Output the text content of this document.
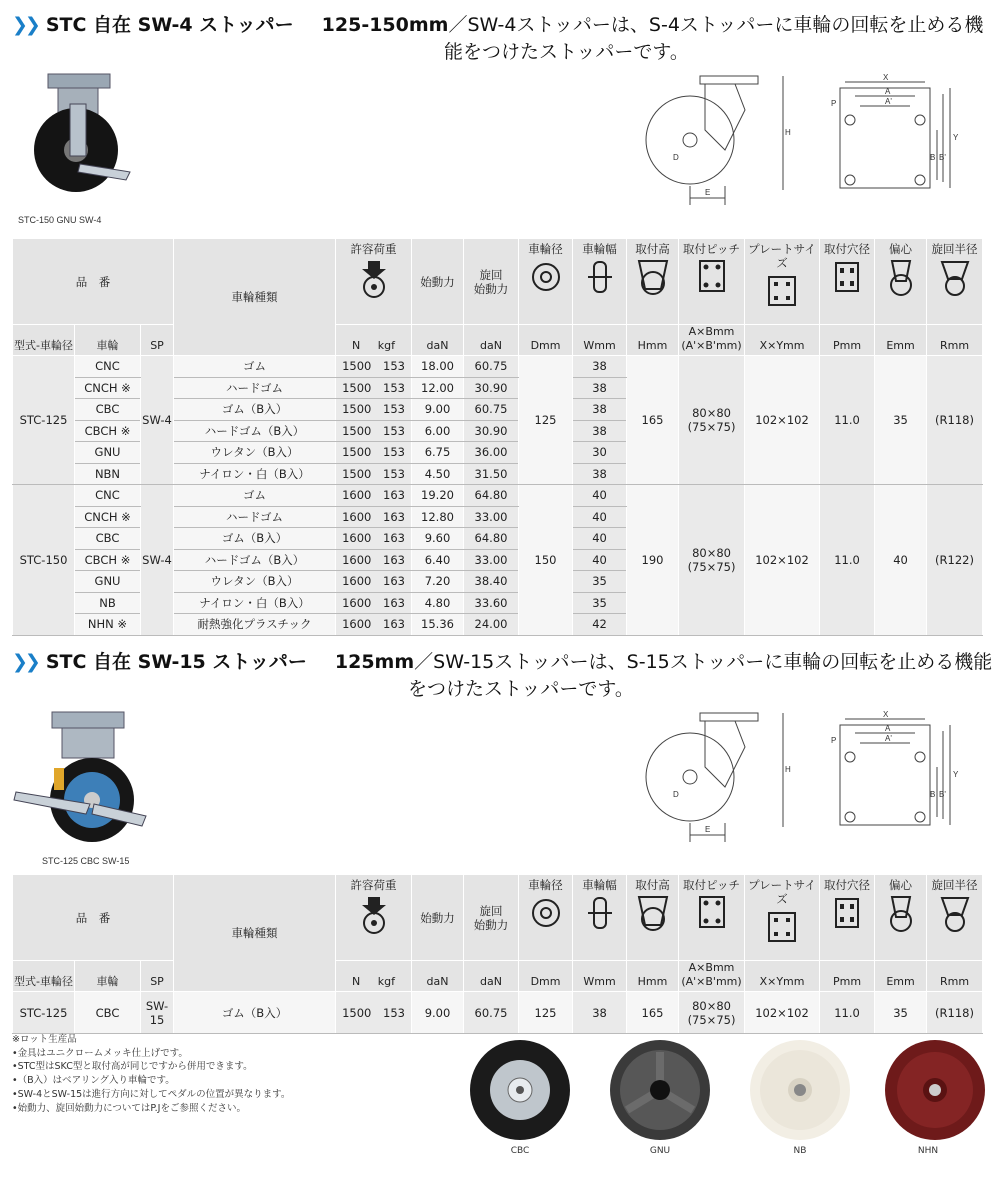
❯❯ STC 自在 SW-4 ストッパー 125-150mm／SW-4ストッパーは、S-4ストッパーに車輪の回転を止める機
能をつけたストッパーです。
STC-150 GNU SW-4
H
D
E
P
X
A
A'
B B'
Y
品　番			車輪種類	許容荷重	始動力	旋回
始動力	車輪径	車輪幅	取付高	取付ピッチ	プレートサイズ	取付穴径	偏心	旋回半径

型式-車輪径	車輪	SP		N kgf	daN	daN	Dmm	Wmm	Hmm	A×Bmm
(A'×B'mm)	X×Ymm	Pmm	Emm	Rmm
STC-125	CNC	SW-4	ゴム	1500 153	18.00	60.75	125	38	165	80×80
(75×75)	102×102	11.0	35	(R118)
	CNCH ※		ハードゴム	1500 153	12.00	30.90		38						
	CBC		ゴム（B入）	1500 153	9.00	60.75		38						
	CBCH ※		ハードゴム（B入）	1500 153	6.00	30.90		38						
	GNU		ウレタン（B入）	1500 153	6.75	36.00		30						
	NBN		ナイロン・白（B入）	1500 153	4.50	31.50		38						
STC-150	CNC	SW-4	ゴム	1600 163	19.20	64.80	150	40	190	80×80
(75×75)	102×102	11.0	40	(R122)
	CNCH ※		ハードゴム	1600 163	12.80	33.00		40						
	CBC		ゴム（B入）	1600 163	9.60	64.80		40						
	CBCH ※		ハードゴム（B入）	1600 163	6.40	33.00		40						
	GNU		ウレタン（B入）	1600 163	7.20	38.40		35						
	NB		ナイロン・白（B入）	1600 163	4.80	33.60		35						
	NHN ※		耐熱強化プラスチック	1600 163	15.36	24.00		42						
❯❯ STC 自在 SW-15 ストッパー 125mm／SW-15ストッパーは、S-15ストッパーに車輪の回転を止める機能
をつけたストッパーです。
STC-125 CBC SW-15
H
D
E
P
X
A
A'
B B'
Y
品　番			車輪種類	許容荷重	始動力	旋回
始動力	車輪径	車輪幅	取付高	取付ピッチ	プレートサイズ	取付穴径	偏心	旋回半径

型式-車輪径	車輪	SP		N kgf	daN	daN	Dmm	Wmm	Hmm	A×Bmm
(A'×B'mm)	X×Ymm	Pmm	Emm	Rmm
STC-125	CBC	SW-15	ゴム（B入）	1500 153	9.00	60.75	125	38	165	80×80
(75×75)	102×102	11.0	35	(R118)
※ロット生産品
•金具はユニクロームメッキ仕上げです。
•STC型はSKC型と取付高が同じですから併用できます。
•（B入）はベアリング入り車輪です。
•SW-4とSW-15は進行方向に対してペダルの位置が異なります。
•始動力、旋回始動力についてはP.Jをご参照ください。
CBC	GNU	NB	NHN
